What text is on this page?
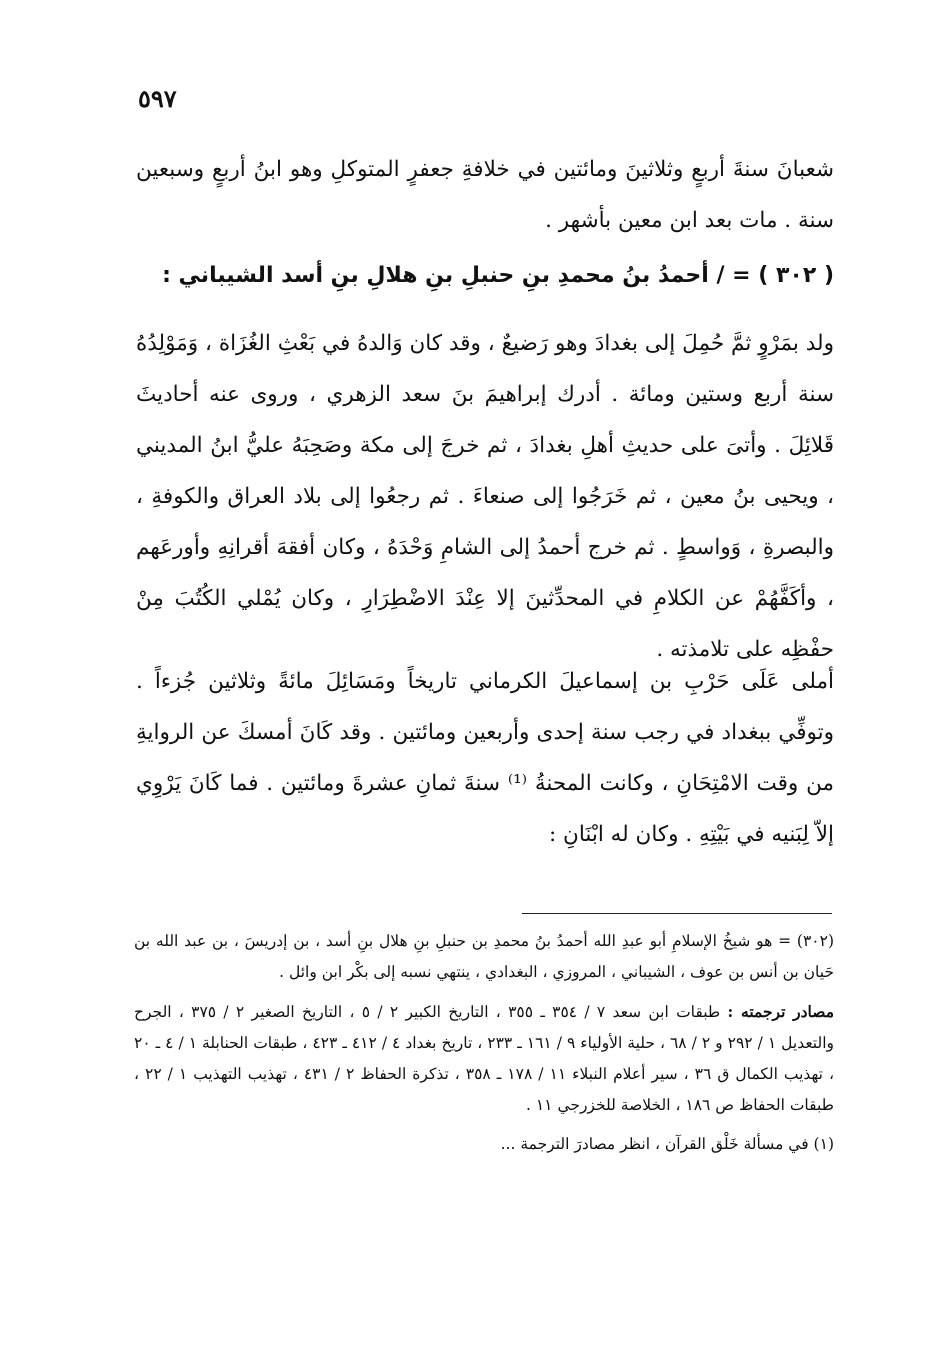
٥٩٧

شعبانَ سنةَ أربعٍ وثلاثينَ ومائتين في خلافةِ جعفرٍ المتوكلِ وهو ابنُ أربعٍ وسبعين سنة . مات بعد ابن معين بأشهر .

( ٣٠٢ ) = / أحمدُ بنُ محمدِ بنِ حنبلِ بنِ هلالِ بنِ أسد الشيباني :

ولد بمَرْوٍ ثمَّ حُمِلَ إلى بغدادَ وهو رَضيعٌ ، وقد كان وَالدهُ في بَعْثِ الغُزَاة ، وَمَوْلِدُهُ سنة أربع وستين ومائة . أدرك إبراهيمَ بنَ سعد الزهري ، وروى عنه أحاديثَ قَلائِلَ . وأتىَ على حديثِ أهلِ بغدادَ ، ثم خرجَ إلى مكة وصَحِبَهُ عليُّ ابنُ المديني ، ويحيى بنُ معين ، ثم خَرَجُوا إلى صنعاءَ . ثم رجعُوا إلى بلاد العراق والكوفةِ ، والبصرةِ ، وَواسطٍ . ثم خرج أحمدُ إلى الشامِ وَحْدَهُ ، وكان أفقهَ أقرانِهِ وأورعَهم ، وأكَفَّهُمْ عن الكلامِ في المحدِّثينَ إلا عِنْدَ الاضْطِرَارِ ، وكان يُمْلي الكُتُبَ مِنْ حفْظِه على تلامذته .

أملى عَلَى حَرْبِ بن إسماعيلَ الكرماني تاريخاً ومَسَائِلَ مائةً وثلاثين جُزءاً . وتوفِّي ببغداد في رجب سنة إحدى وأربعين ومائتين . وقد كَانَ أمسكَ عن الروايةِ من وقت الامْتِحَانِ ، وكانت المحنةُ ⁽¹⁾ سنةَ ثمانِ عشرةَ ومائتين . فما كَانَ يَرْوِي إلاّ لِبَنيه في بَيْتِهِ . وكان له ابْنَانِ :

(٣٠٢) = هو شيخُ الإسلامِ أبو عبدِ الله أحمدُ بنُ محمدِ بن حنبلِ بنِ هلال بنِ أسد ، بن إدريسَ ، بن عبد الله بن حَيان بن أنس بن عوف ، الشيباني ، المروزي ، البغدادي ، ينتهي نسبه إلى بكْر ابن وائل .

مصادر ترجمته : طبقات ابن سعد ٧ / ٣٥٤ ـ ٣٥٥ ، التاريخ الكبير ٢ / ٥ ، التاريخ الصغير ٢ / ٣٧٥ ، الجرح والتعديل ١ / ٢٩٢ و ٢ / ٦٨ ، حلية الأولياء ٩ / ١٦١ ـ ٢٣٣ ، تاريخ بغداد ٤ / ٤١٢ ـ ٤٢٣ ، طبقات الحنابلة ١ / ٤ ـ ٢٠ ، تهذيب الكمال ق ٣٦ ، سير أعلام النبلاء ١١ / ١٧٨ ـ ٣٥٨ ، تذكرة الحفاظ ٢ / ٤٣١ ، تهذيب التهذيب ١ / ٢٢ ، طبقات الحفاظ ص ١٨٦ ، الخلاصة للخزرجي ١١ .

(١) في مسألة خَلْق القرآن ، انظر مصادرَ الترجمة ...
